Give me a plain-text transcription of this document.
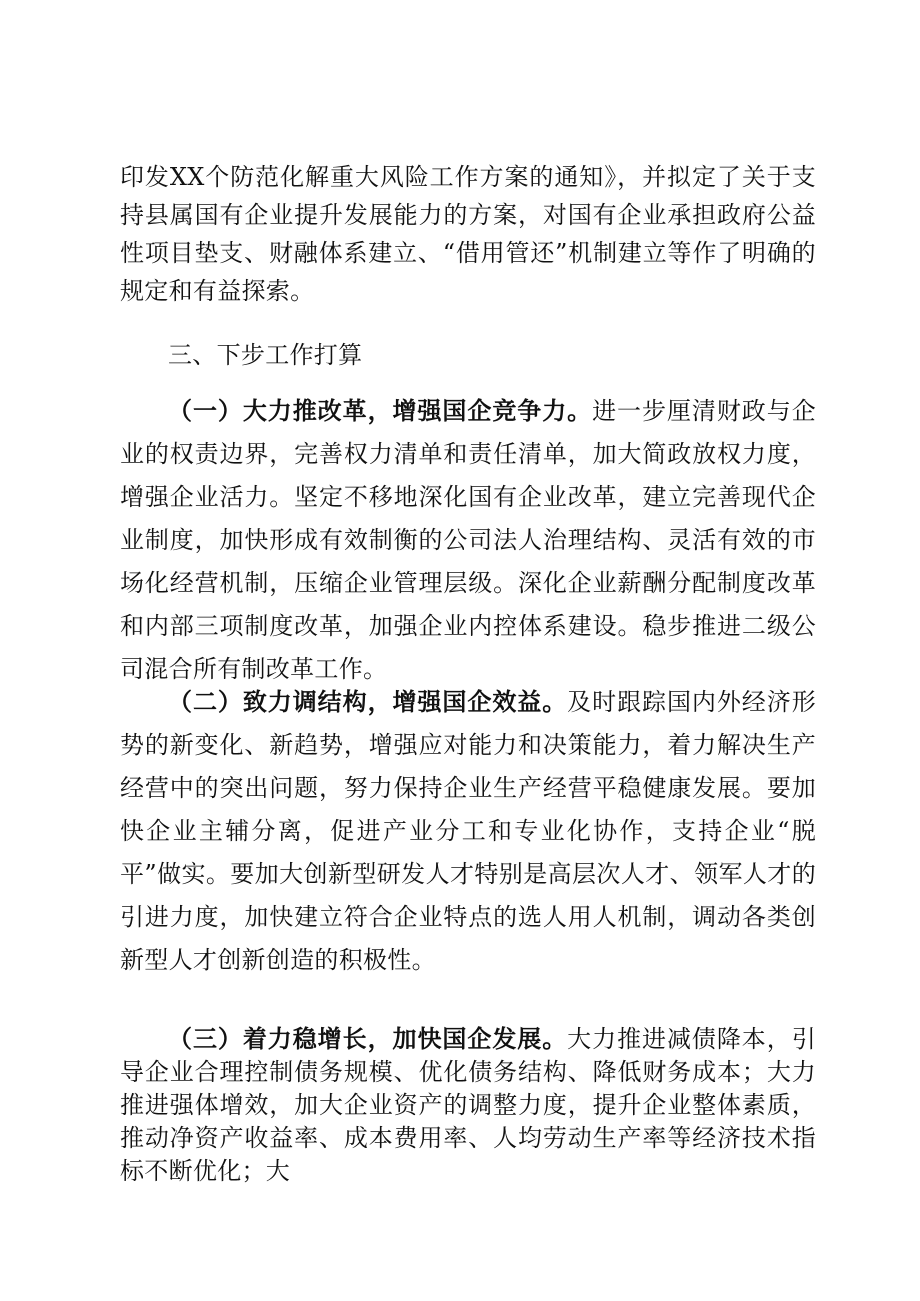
印发XX个防范化解重大风险工作方案的通知》，并拟定了关于支持县属国有企业提升发展能力的方案，对国有企业承担政府公益性项目垫支、财融体系建立、“借用管还”机制建立等作了明确的规定和有益探索。

三、下步工作打算

（一）大力推改革，增强国企竞争力。进一步厘清财政与企业的权责边界，完善权力清单和责任清单，加大简政放权力度，增强企业活力。坚定不移地深化国有企业改革，建立完善现代企业制度，加快形成有效制衡的公司法人治理结构、灵活有效的市场化经营机制，压缩企业管理层级。深化企业薪酬分配制度改革和内部三项制度改革，加强企业内控体系建设。稳步推进二级公司混合所有制改革工作。

（二）致力调结构，增强国企效益。及时跟踪国内外经济形势的新变化、新趋势，增强应对能力和决策能力，着力解决生产经营中的突出问题，努力保持企业生产经营平稳健康发展。要加快企业主辅分离，促进产业分工和专业化协作，支持企业“脱平”做实。要加大创新型研发人才特别是高层次人才、领军人才的引进力度，加快建立符合企业特点的选人用人机制，调动各类创新型人才创新创造的积极性。

（三）着力稳增长，加快国企发展。大力推进减债降本，引导企业合理控制债务规模、优化债务结构、降低财务成本；大力推进强体增效，加大企业资产的调整力度，提升企业整体素质，推动净资产收益率、成本费用率、人均劳动生产率等经济技术指标不断优化；大
